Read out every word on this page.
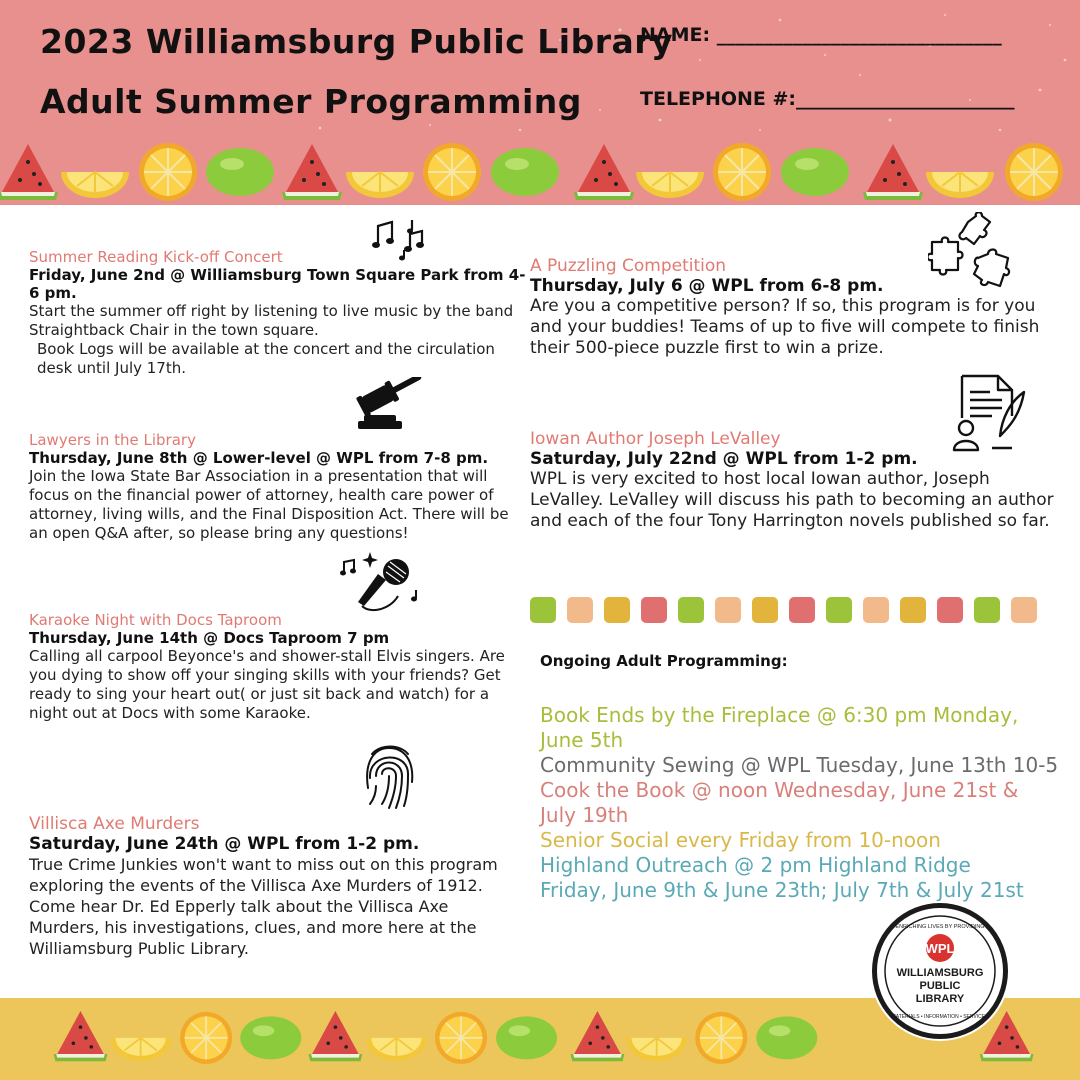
2023 Williamsburg Public Library
Adult Summer Programming
NAME: ______________________________
TELEPHONE #:_______________________
Summer Reading Kick-off Concert
Friday, June 2nd @ Williamsburg Town Square Park from 4-6 pm.
Start the summer off right by listening to live music by the band Straightback Chair in the town square.
Book Logs will be available at the concert and the circulation desk until July 17th.
Lawyers in the Library
Thursday, June 8th @ Lower-level @ WPL from 7-8 pm.
Join the Iowa State Bar Association in a presentation that will focus on the financial power of attorney, health care power of attorney, living wills, and the Final Disposition Act. There will be an open Q&A after, so please bring any questions!
Karaoke Night with Docs Taproom
Thursday, June 14th @ Docs Taproom 7 pm
Calling all carpool Beyonce's and shower-stall Elvis singers. Are you dying to show off your singing skills with your friends? Get ready to sing your heart out( or just sit back and watch) for a night out at Docs with some Karaoke.
Villisca Axe Murders
Saturday, June 24th @ WPL from 1-2 pm.
True Crime Junkies won't want to miss out on this program exploring the events of the Villisca Axe Murders of 1912. Come hear Dr. Ed Epperly talk about the Villisca Axe Murders, his investigations, clues, and more here at the Williamsburg Public Library.
A Puzzling Competition
Thursday, July 6 @ WPL from 6-8 pm.
Are you a competitive person? If so, this program is for you and your buddies! Teams of up to five will compete to finish their 500-piece puzzle first to win a prize.
Iowan Author Joseph LeValley
Saturday, July 22nd @ WPL from 1-2 pm.
WPL is very excited to host local Iowan author, Joseph LeValley. LeValley will discuss his path to becoming an author and each of the four Tony Harrington novels published so far.
Ongoing Adult Programming:
Book Ends by the Fireplace @ 6:30 pm Monday, June 5th
Community Sewing @ WPL Tuesday, June 13th 10-5
Cook the Book @ noon Wednesday, June 21st & July 19th
Senior Social every Friday from 10-noon
Highland Outreach @ 2 pm Highland Ridge Friday, June 9th & June 23th; July 7th & July 21st
WPL
WILLIAMSBURG
PUBLIC
LIBRARY
ENRICHING LIVES BY PROVIDING
MATERIALS • INFORMATION • SERVICES
